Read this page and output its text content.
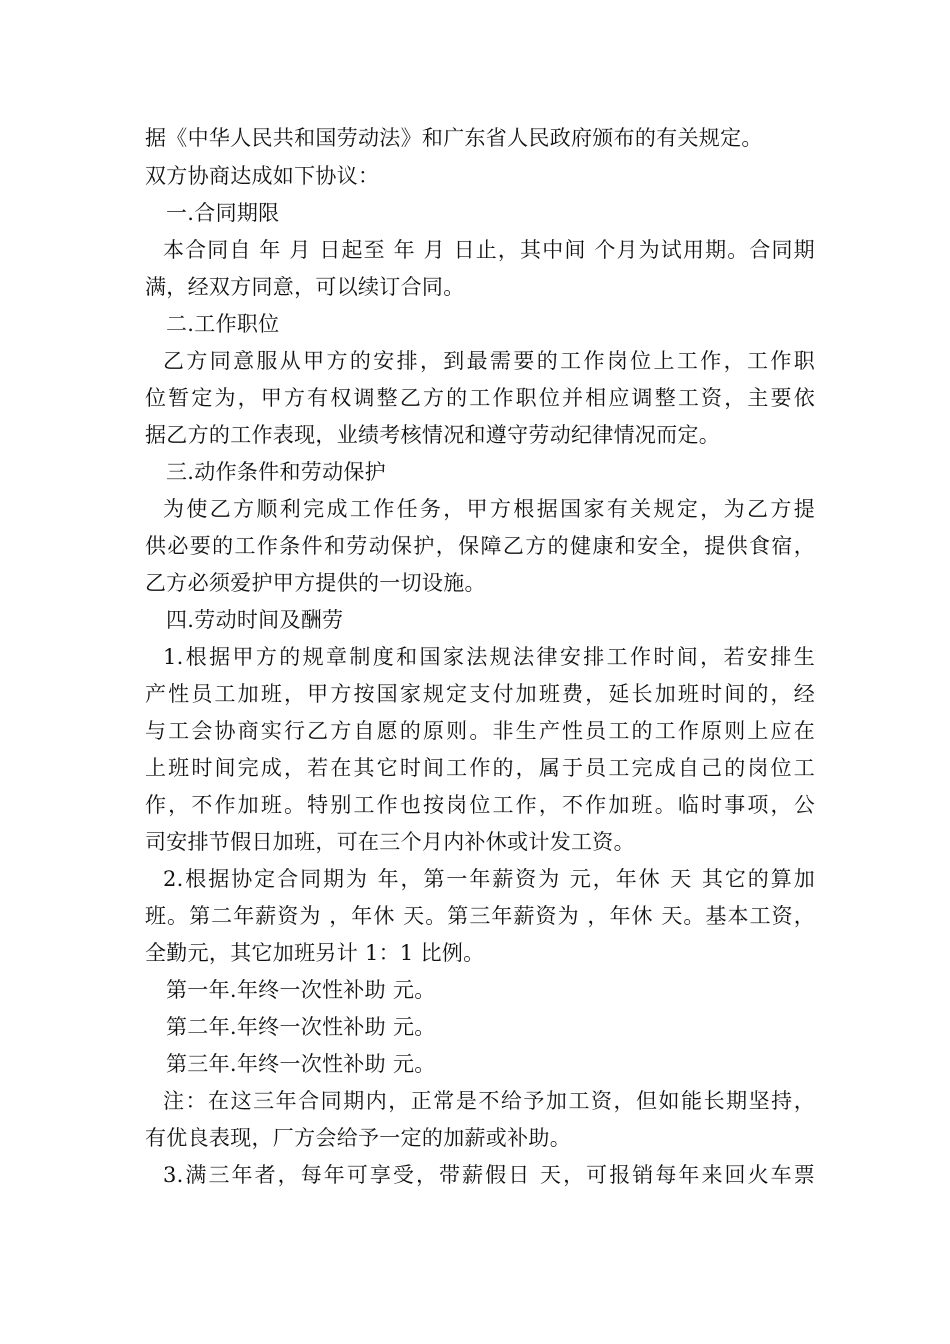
据《中华人民共和国劳动法》和广东省人民政府颁布的有关规定。
双方协商达成如下协议：
一.合同期限
本合同自 年 月 日起至 年 月 日止，其中间 个月为试用期。合同期
满，经双方同意，可以续订合同。
二.工作职位
乙方同意服从甲方的安排，到最需要的工作岗位上工作，工作职
位暂定为，甲方有权调整乙方的工作职位并相应调整工资，主要依
据乙方的工作表现，业绩考核情况和遵守劳动纪律情况而定。
三.动作条件和劳动保护
为使乙方顺利完成工作任务，甲方根据国家有关规定，为乙方提
供必要的工作条件和劳动保护，保障乙方的健康和安全，提供食宿，
乙方必须爱护甲方提供的一切设施。
四.劳动时间及酬劳
1.根据甲方的规章制度和国家法规法律安排工作时间，若安排生
产性员工加班，甲方按国家规定支付加班费，延长加班时间的，经
与工会协商实行乙方自愿的原则。非生产性员工的工作原则上应在
上班时间完成，若在其它时间工作的，属于员工完成自己的岗位工
作，不作加班。特别工作也按岗位工作，不作加班。临时事项，公
司安排节假日加班，可在三个月内补休或计发工资。
2.根据协定合同期为 年，第一年薪资为 元，年休 天 其它的算加
班。第二年薪资为 ，年休 天。第三年薪资为 ，年休 天。基本工资，
全勤元，其它加班另计 1：1 比例。
第一年.年终一次性补助 元。
第二年.年终一次性补助 元。
第三年.年终一次性补助 元。
注：在这三年合同期内，正常是不给予加工资，但如能长期坚持，
有优良表现，厂方会给予一定的加薪或补助。
3.满三年者，每年可享受，带薪假日 天，可报销每年来回火车票
